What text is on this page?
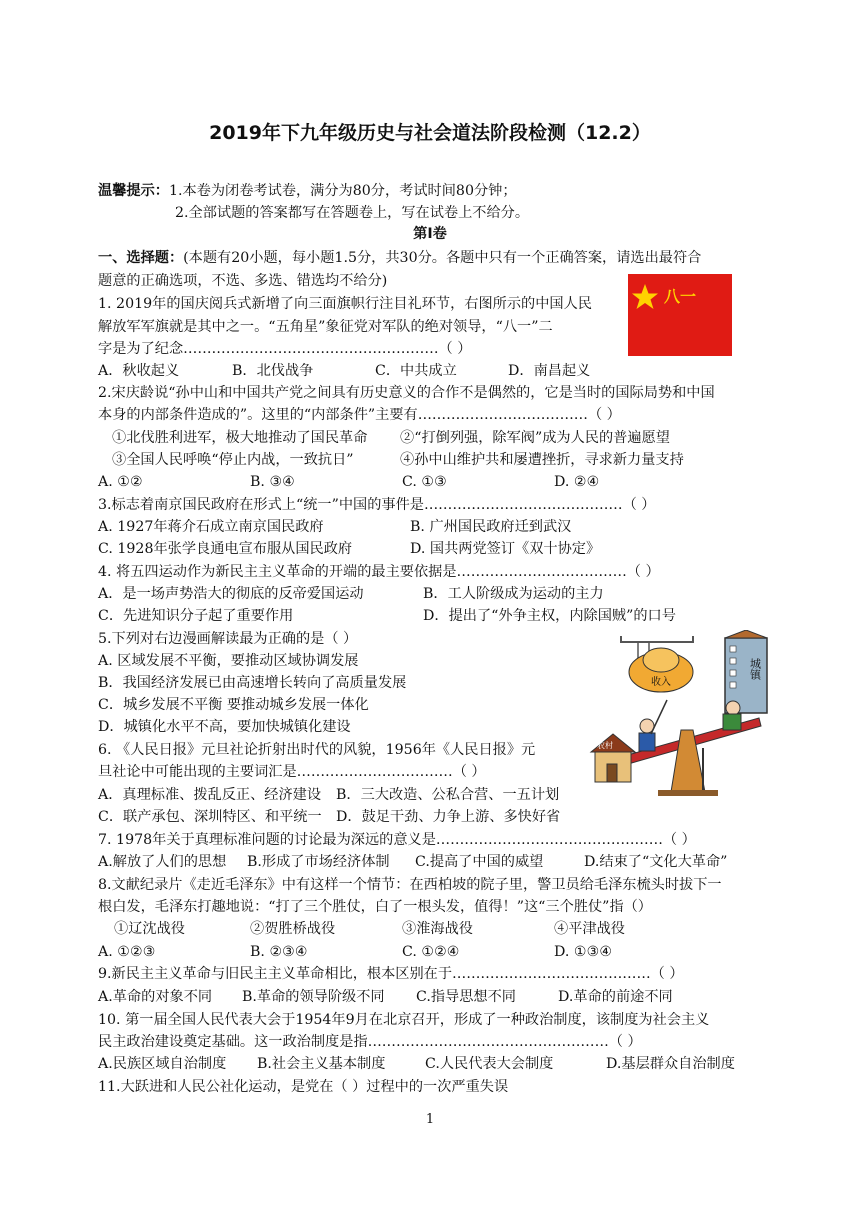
2019年下九年级历史与社会道法阶段检测（12.2）
温馨提示：1.本卷为闭卷考试卷，满分为80分，考试时间80分钟；
2.全部试题的答案都写在答题卷上，写在试卷上不给分。
第Ⅰ卷
一、选择题：(本题有20小题，每小题1.5分，共30分。各题中只有一个正确答案，请选出最符合
题意的正确选项，不选、多选、错选均不给分)
八一
1. 2019年的国庆阅兵式新增了向三面旗帜行注目礼环节，右图所示的中国人民
解放军军旗就是其中之一。“五角星”象征党对军队的绝对领导，“八一”二
字是为了纪念………………………………………………（ ）
A．秋收起义	B．北伐战争	C．中共成立	D．南昌起义
2.宋庆龄说“孙中山和中国共产党之间具有历史意义的合作不是偶然的，它是当时的国际局势和中国
本身的内部条件造成的”。这里的“内部条件”主要有………………………………（ ）
①北伐胜利进军，极大地推动了国民革命 ②“打倒列强，除军阀”成为人民的普遍愿望
③全国人民呼唤“停止内战，一致抗日”	④孙中山维护共和屡遭挫折，寻求新力量支持
A. ①②	B. ③④	C. ①③	D. ②④
3.标志着南京国民政府在形式上“统一”中国的事件是……………………………………（ ）
A. 1927年蒋介石成立南京国民政府	B. 广州国民政府迁到武汉
C. 1928年张学良通电宣布服从国民政府	D. 国共两党签订《双十协定》
4. 将五四运动作为新民主主义革命的开端的最主要依据是………………………………（ ）
A．是一场声势浩大的彻底的反帝爱国运动	B．工人阶级成为运动的主力
C．先进知识分子起了重要作用	D．提出了“外争主权，内除国贼”的口号
城镇
收入
农村
5.下列对右边漫画解读最为正确的是（ ）
A. 区域发展不平衡，要推动区域协调发展
B．我国经济发展已由高速增长转向了高质量发展
C．城乡发展不平衡 要推动城乡发展一体化
D．城镇化水平不高，要加快城镇化建设
6. 《人民日报》元旦社论折射出时代的风貌，1956年《人民日报》元
旦社论中可能出现的主要词汇是……………………………（ ）
A．真理标准、拨乱反正、经济建设 B．三大改造、公私合营、一五计划
C．联产承包、深圳特区、和平统一 D．鼓足干劲、力争上游、多快好省
7. 1978年关于真理标准问题的讨论最为深远的意义是…………………………………………（ ）
A.解放了人们的思想 B.形成了市场经济体制 C.提高了中国的威望	D.结束了“文化大革命”
8.文献纪录片《走近毛泽东》中有这样一个情节：在西柏坡的院子里，警卫员给毛泽东梳头时拔下一
根白发，毛泽东打趣地说：“打了三个胜仗，白了一根头发，值得！”这“三个胜仗”指（）
①辽沈战役	②贺胜桥战役	③淮海战役	④平津战役
A. ①②③	B. ②③④	C. ①②④	D. ①③④
9.新民主主义革命与旧民主主义革命相比，根本区别在于……………………………………（ ）
A.革命的对象不同 B.革命的领导阶级不同 C.指导思想不同	D.革命的前途不同
10. 第一届全国人民代表大会于1954年9月在北京召开，形成了一种政治制度，该制度为社会主义
民主政治建设奠定基础。这一政治制度是指……………………………………………（ ）
A.民族区域自治制度 B.社会主义基本制度	C.人民代表大会制度	D.基层群众自治制度
11.大跃进和人民公社化运动，是党在（ ）过程中的一次严重失误
1
